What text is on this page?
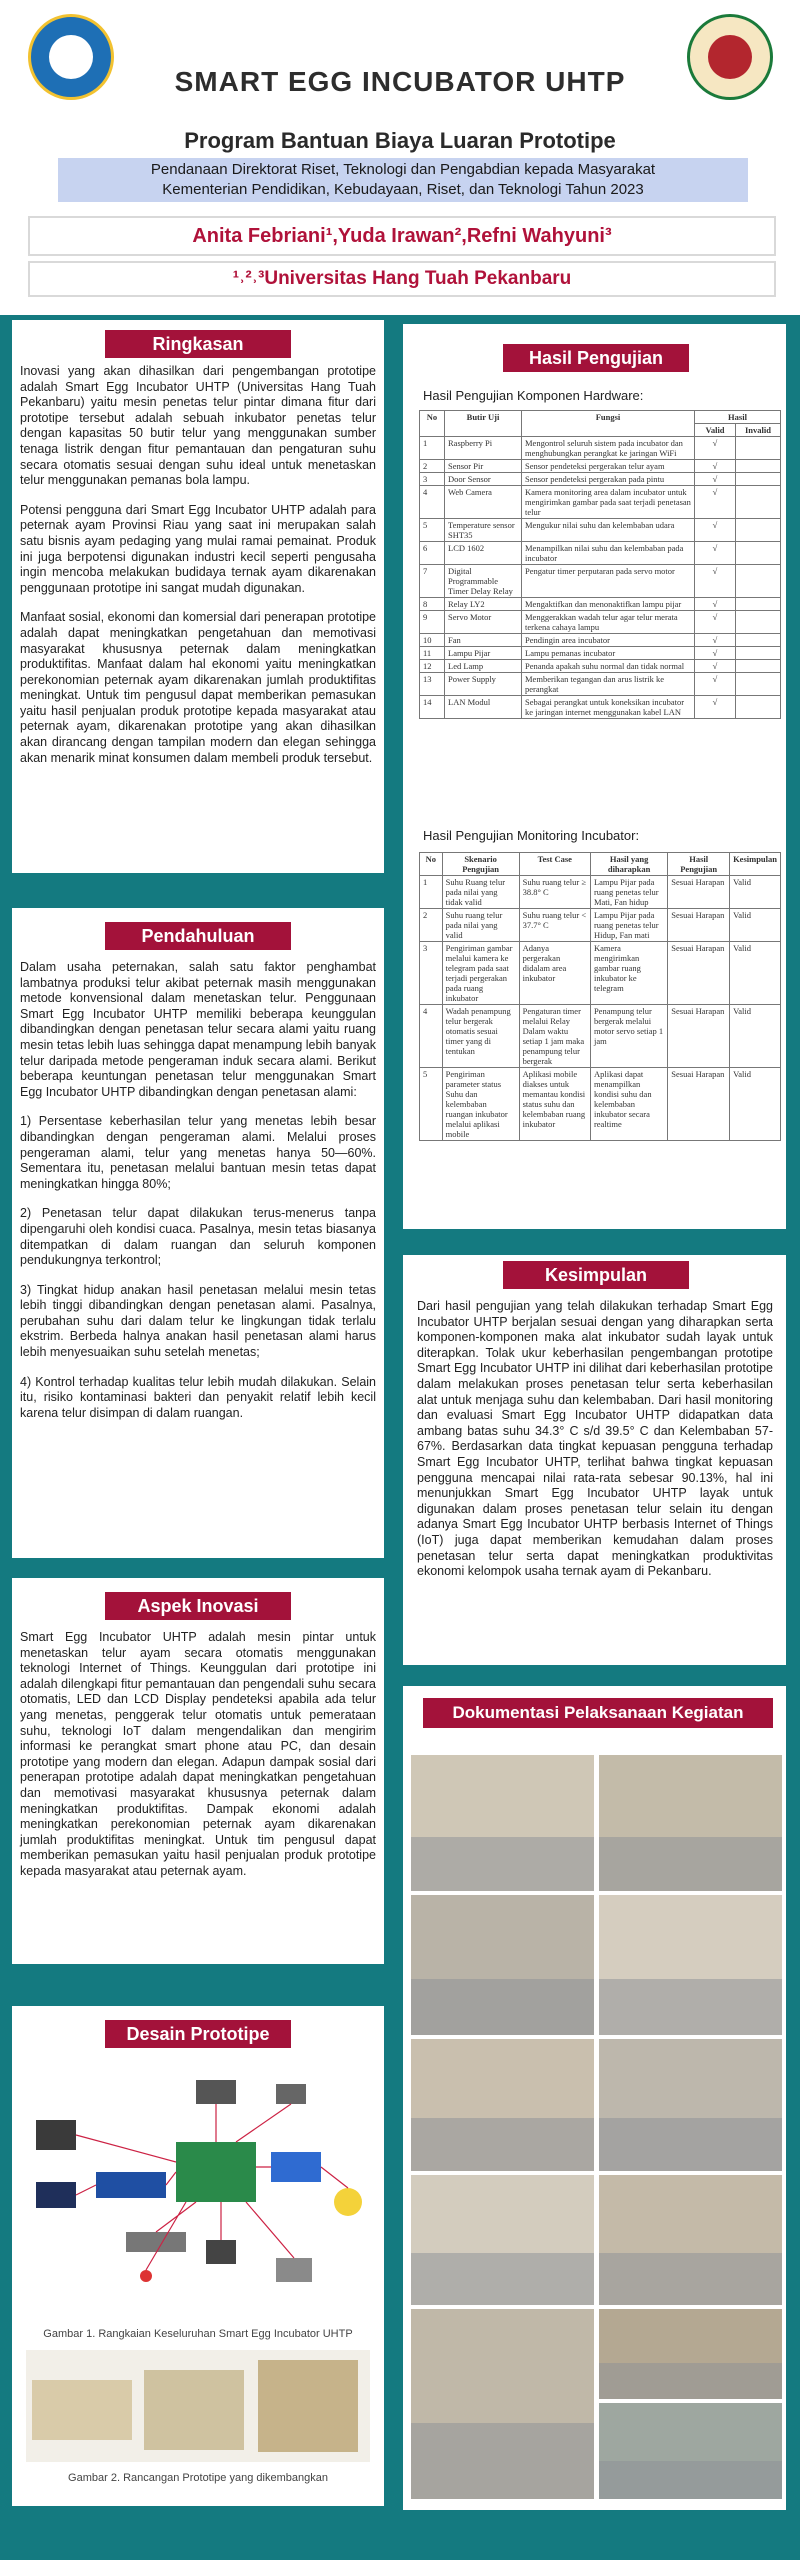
SMART EGG INCUBATOR UHTP
Program Bantuan Biaya Luaran Prototipe
Pendanaan Direktorat Riset, Teknologi dan Pengabdian kepada Masyarakat
Kementerian Pendidikan, Kebudayaan, Riset, dan Teknologi Tahun 2023
Anita Febriani¹,Yuda Irawan²,Refni Wahyuni³
¹˒²˒³Universitas Hang Tuah Pekanbaru
Ringkasan

Inovasi yang akan dihasilkan dari pengembangan prototipe adalah Smart Egg Incubator UHTP (Universitas Hang Tuah Pekanbaru) yaitu mesin penetas telur pintar dimana fitur dari prototipe tersebut adalah sebuah inkubator penetas telur dengan kapasitas 50 butir telur yang menggunakan sumber tenaga listrik dengan fitur pemantauan dan pengaturan suhu secara otomatis sesuai dengan suhu ideal untuk menetaskan telur menggunakan pemanas bola lampu.

Potensi pengguna dari Smart Egg Incubator UHTP adalah para peternak ayam Provinsi Riau yang saat ini merupakan salah satu bisnis ayam pedaging yang mulai ramai pemainat. Produk ini juga berpotensi digunakan industri kecil seperti pengusaha ingin mencoba melakukan budidaya ternak ayam dikarenakan penggunaan prototipe ini sangat mudah digunakan.

Manfaat sosial, ekonomi dan komersial dari penerapan prototipe adalah dapat meningkatkan pengetahuan dan memotivasi masyarakat khususnya peternak dalam meningkatkan produktifitas. Manfaat dalam hal ekonomi yaitu meningkatkan perekonomian peternak ayam dikarenakan jumlah produktifitas meningkat. Untuk tim pengusul dapat memberikan pemasukan yaitu hasil penjualan produk prototipe kepada masyarakat atau peternak ayam, dikarenakan prototipe yang akan dihasilkan akan dirancang dengan tampilan modern dan elegan sehingga akan menarik minat konsumen dalam membeli produk tersebut.

Pendahuluan

Dalam usaha peternakan, salah satu faktor penghambat lambatnya produksi telur akibat peternak masih menggunakan metode konvensional dalam menetaskan telur. Penggunaan Smart Egg Incubator UHTP memiliki beberapa keunggulan dibandingkan dengan penetasan telur secara alami yaitu ruang mesin tetas lebih luas sehingga dapat menampung lebih banyak telur daripada metode pengeraman induk secara alami. Berikut beberapa keuntungan penetasan telur menggunakan Smart Egg Incubator UHTP dibandingkan dengan penetasan alami:

1) Persentase keberhasilan telur yang menetas lebih besar dibandingkan dengan pengeraman alami. Melalui proses pengeraman alami, telur yang menetas hanya 50—60%. Sementara itu, penetasan melalui bantuan mesin tetas dapat meningkatkan hingga 80%;

2) Penetasan telur dapat dilakukan terus-menerus tanpa dipengaruhi oleh kondisi cuaca. Pasalnya, mesin tetas biasanya ditempatkan di dalam ruangan dan seluruh komponen pendukungnya terkontrol;

3) Tingkat hidup anakan hasil penetasan melalui mesin tetas lebih tinggi dibandingkan dengan penetasan alami. Pasalnya, perubahan suhu dari dalam telur ke lingkungan tidak terlalu ekstrim. Berbeda halnya anakan hasil penetasan alami harus lebih menyesuaikan suhu setelah menetas;

4) Kontrol terhadap kualitas telur lebih mudah dilakukan. Selain itu, risiko kontaminasi bakteri dan penyakit relatif lebih kecil karena telur disimpan di dalam ruangan.

Aspek Inovasi

Smart Egg Incubator UHTP adalah mesin pintar untuk menetaskan telur ayam secara otomatis menggunakan teknologi Internet of Things. Keunggulan dari prototipe ini adalah dilengkapi fitur pemantauan dan pengendali suhu secara otomatis, LED dan LCD Display pendeteksi apabila ada telur yang menetas, penggerak telur otomatis untuk pemerataan suhu, teknologi IoT dalam mengendalikan dan mengirim informasi ke perangkat smart phone atau PC, dan desain prototipe yang modern dan elegan. Adapun dampak sosial dari penerapan prototipe adalah dapat meningkatkan pengetahuan dan memotivasi masyarakat khususnya peternak dalam meningkatkan produktifitas. Dampak ekonomi adalah meningkatkan perekonomian peternak ayam dikarenakan jumlah produktifitas meningkat. Untuk tim pengusul dapat memberikan pemasukan yaitu hasil penjualan produk prototipe kepada masyarakat atau peternak ayam.

Desain Prototipe
Gambar 1. Rangkaian Keseluruhan Smart Egg Incubator UHTP
Gambar 2. Rancangan Prototipe yang dikembangkan
Hasil Pengujian
Hasil Pengujian Komponen Hardware:
No	Butir Uji	Fungsi	Hasil	
			Valid	Invalid
1	Raspberry Pi	Mengontrol seluruh sistem pada incubator dan menghubungkan perangkat ke jaringan WiFi	√	
2	Sensor Pir	Sensor pendeteksi pergerakan telur ayam	√	
3	Door Sensor	Sensor pendeteksi pergerakan pada pintu	√	
4	Web Camera	Kamera monitoring area dalam incubator untuk mengirimkan gambar pada saat terjadi penetasan telur	√	
5	Temperature sensor SHT35	Mengukur nilai suhu dan kelembaban udara	√	
6	LCD 1602	Menampilkan nilai suhu dan kelembaban pada incubator	√	
7	Digital Programmable Timer Delay Relay	Pengatur timer perputaran pada servo motor	√	
8	Relay LY2	Mengaktifkan dan menonaktifkan lampu pijar	√	
9	Servo Motor	Menggerakkan wadah telur agar telur merata terkena cahaya lampu	√	
10	Fan	Pendingin area incubator	√	
11	Lampu Pijar	Lampu pemanas incubator	√	
12	Led Lamp	Penanda apakah suhu normal dan tidak normal	√	
13	Power Supply	Memberikan tegangan dan arus listrik ke perangkat	√	
14	LAN Modul	Sebagai perangkat untuk koneksikan incubator ke jaringan internet menggunakan kabel LAN	√	
Hasil Pengujian Monitoring Incubator:
No	Skenario Pengujian	Test Case	Hasil yang diharapkan	Hasil Pengujian	Kesimpulan
1	Suhu Ruang telur pada nilai yang tidak valid	Suhu ruang telur ≥ 38.8° C	Lampu Pijar pada ruang penetas telur Mati, Fan hidup	Sesuai Harapan	Valid
2	Suhu ruang telur pada nilai yang valid	Suhu ruang telur < 37.7° C	Lampu Pijar pada ruang penetas telur Hidup, Fan mati	Sesuai Harapan	Valid
3	Pengiriman gambar melalui kamera ke telegram pada saat terjadi pergerakan pada ruang inkubator	Adanya pergerakan didalam area inkubator	Kamera mengirimkan gambar ruang inkubator ke telegram	Sesuai Harapan	Valid
4	Wadah penampung telur bergerak otomatis sesuai timer yang di tentukan	Pengaturan timer melalui Relay Dalam waktu setiap 1 jam maka penampung telur bergerak	Penampung telur bergerak melalui motor servo setiap 1 jam	Sesuai Harapan	Valid
5	Pengiriman parameter status Suhu dan kelembaban ruangan inkubator melalui aplikasi mobile	Aplikasi mobile diakses untuk memantau kondisi status suhu dan kelembaban ruang inkubator	Aplikasi dapat menampilkan kondisi suhu dan kelembaban inkubator secara realtime	Sesuai Harapan	Valid
Kesimpulan

Dari hasil pengujian yang telah dilakukan terhadap Smart Egg Incubator UHTP berjalan sesuai dengan yang diharapkan serta komponen-komponen maka alat inkubator sudah layak untuk diterapkan. Tolak ukur keberhasilan pengembangan prototipe Smart Egg Incubator UHTP ini dilihat dari keberhasilan prototipe dalam melakukan proses penetasan telur serta keberhasilan alat untuk menjaga suhu dan kelembaban. Dari hasil monitoring dan evaluasi Smart Egg Incubator UHTP didapatkan data ambang batas suhu 34.3° C s/d 39.5° C dan Kelembaban 57-67%. Berdasarkan data tingkat kepuasan pengguna terhadap Smart Egg Incubator UHTP, terlihat bahwa tingkat kepuasan pengguna mencapai nilai rata-rata sebesar 90.13%, hal ini menunjukkan Smart Egg Incubator UHTP layak untuk digunakan dalam proses penetasan telur selain itu dengan adanya Smart Egg Incubator UHTP berbasis Internet of Things (IoT) juga dapat memberikan kemudahan dalam proses penetasan telur serta dapat meningkatkan produktivitas ekonomi kelompok usaha ternak ayam di Pekanbaru.

Dokumentasi Pelaksanaan Kegiatan
